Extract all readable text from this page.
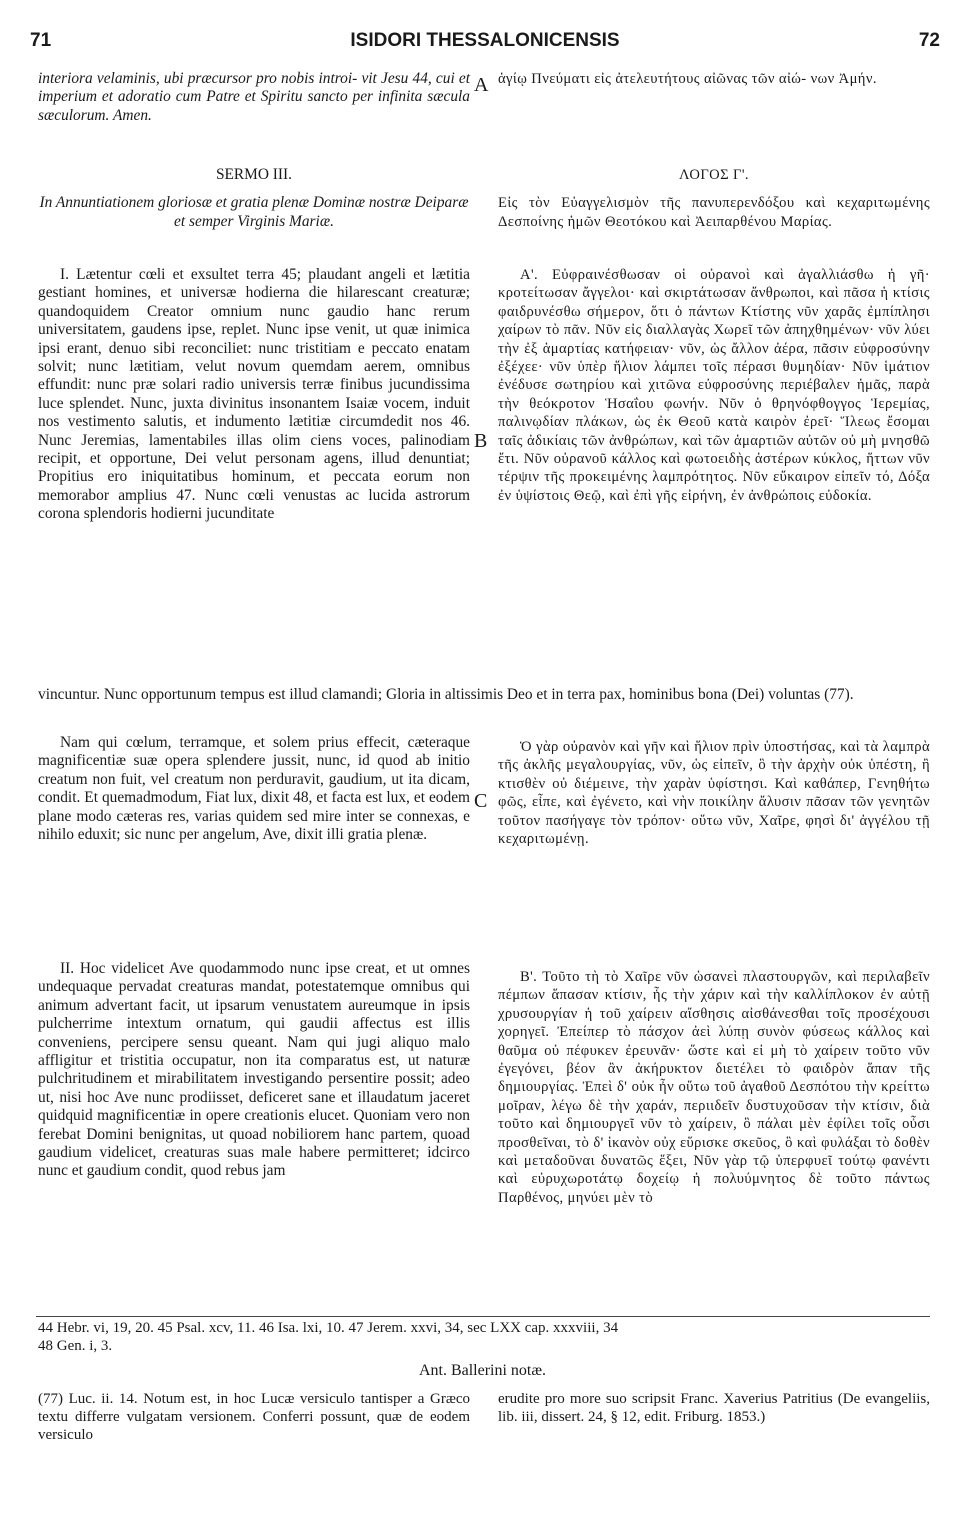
71	ISIDORI THESSALONICENSIS	72
A
B
C

interiora velaminis, ubi præcursor pro nobis introi- vit Jesu 44, cui et imperium et adoratio cum Patre et Spiritu sancto per infinita sæcula sæculorum. Amen.

ἁγίῳ Πνεύματι εἰς ἀτελευτήτους αἰῶνας τῶν αἰώ- νων Ἀμήν.

SERMO III.

In Annuntiationem gloriosæ et gratia plenæ Dominæ nostræ Deiparæ et semper Virginis Mariæ.

ΛΟΓΟΣ Γ'.

Εἰς τὸν Εὐαγγελισμὸν τῆς πανυπερενδόξου καὶ κεχαριτωμένης Δεσποίνης ἡμῶν Θεοτόκου καὶ Ἀειπαρθένου Μαρίας.

I. Lætentur cœli et exsultet terra 45; plaudant angeli et lætitia gestiant homines, et universæ hodierna die hilarescant creaturæ; quandoquidem Creator omnium nunc gaudio hanc rerum universitatem, gaudens ipse, replet. Nunc ipse venit, ut quæ inimica ipsi erant, denuo sibi reconciliet: nunc tristitiam e peccato enatam solvit; nunc lætitiam, velut novum quemdam aerem, omnibus effundit: nunc præ solari radio universis terræ finibus jucundissima luce splendet. Nunc, juxta divinitus insonantem Isaiæ vocem, induit nos vestimento salutis, et indumento lætitiæ circumdedit nos 46. Nunc Jeremias, lamentabiles illas olim ciens voces, palinodiam recipit, et opportune, Dei velut personam agens, illud denuntiat; Propitius ero iniquitatibus hominum, et peccata eorum non memorabor amplius 47. Nunc cœli venustas ac lucida astrorum corona splendoris hodierni jucunditate

Α'. Εὐφραινέσθωσαν οἱ οὐρανοὶ καὶ ἀγαλλιάσθω ἡ γῆ· κροτείτωσαν ἄγγελοι· καὶ σκιρτάτωσαν ἄνθρωποι, καὶ πᾶσα ἡ κτίσις φαιδρυνέσθω σήμερον, ὅτι ὁ πάντων Κτίστης νῦν χαρᾶς ἐμπίπλησι χαίρων τὸ πᾶν. Νῦν εἰς διαλλαγὰς Χωρεῖ τῶν ἀπηχθημένων· νῦν λύει τὴν ἐξ ἁμαρτίας κατήφειαν· νῦν, ὡς ἄλλον ἀέρα, πᾶσιν εὐφροσύνην ἐξέχεε· νῦν ὑπὲρ ἥλιον λάμπει τοῖς πέρασι θυμηδίαν· Νῦν ἱμάτιον ἐνέδυσε σωτηρίου καὶ χιτῶνα εὐφροσύνης περιέβαλεν ἡμᾶς, παρὰ τὴν θεόκροτον Ἡσαΐου φωνήν. Νῦν ὁ θρηνόφθογγος Ἱερεμίας, παλινῳδίαν πλάκων, ὡς ἐκ Θεοῦ κατὰ καιρὸν ἐρεῖ· Ἵλεως ἔσομαι ταῖς ἀδικίαις τῶν ἀνθρώπων, καὶ τῶν ἁμαρτιῶν αὐτῶν οὐ μὴ μνησθῶ ἔτι. Νῦν οὐρανοῦ κάλλος καὶ φωτοειδὴς ἀστέρων κύκλος, ἥττων νῦν τέρψιν τῆς προκειμένης λαμπρότητος. Νῦν εὔκαιρον εἰπεῖν τό, Δόξα ἐν ὑψίστοις Θεῷ, καὶ ἐπὶ γῆς εἰρήνη, ἐν ἀνθρώποις εὐδοκία.

vincuntur. Nunc opportunum tempus est illud clamandi; Gloria in altissimis Deo et in terra pax, hominibus bona (Dei) voluntas (77).

Nam qui cœlum, terramque, et solem prius effecit, cæteraque magnificentiæ suæ opera splendere jussit, nunc, id quod ab initio creatum non fuit, vel creatum non perduravit, gaudium, ut ita dicam, condit. Et quemadmodum, Fiat lux, dixit 48, et facta est lux, et eodem plane modo cæteras res, varias quidem sed mire inter se connexas, e nihilo eduxit; sic nunc per angelum, Ave, dixit illi gratia plenæ.

Ὁ γὰρ οὐρανὸν καὶ γῆν καὶ ἥλιον πρὶν ὑποστήσας, καὶ τὰ λαμπρὰ τῆς ἀκλῆς μεγαλουργίας, νῦν, ὡς εἰπεῖν, ὃ τὴν ἀρχὴν οὐκ ὑπέστη, ἢ κτισθὲν οὐ διέμεινε, τὴν χαρὰν ὑφίστησι. Καὶ καθάπερ, Γενηθήτω φῶς, εἶπε, καὶ ἐγένετο, καὶ νὴν ποικίλην ἄλυσιν πᾶσαν τῶν γενητῶν τοῦτον πασήγαγε τὸν τρόπον· οὕτω νῦν, Χαῖρε, φησὶ δι' ἀγγέλου τῇ κεχαριτωμένῃ.

II. Hoc videlicet Ave quodammodo nunc ipse creat, et ut omnes undequaque pervadat creaturas mandat, potestatemque omnibus qui animum advertant facit, ut ipsarum venustatem aureumque in ipsis pulcherrime intextum ornatum, qui gaudii affectus est illis conveniens, percipere sensu queant. Nam qui jugi aliquo malo affligitur et tristitia occupatur, non ita comparatus est, ut naturæ pulchritudinem et mirabilitatem investigando persentire possit; adeo ut, nisi hoc Ave nunc prodiisset, deficeret sane et illaudatum jaceret quidquid magnificentiæ in opere creationis elucet. Quoniam vero non ferebat Domini benignitas, ut quoad nobiliorem hanc partem, quoad gaudium videlicet, creaturas suas male habere permitteret; idcirco nunc et gaudium condit, quod rebus jam

Β'. Τοῦτο τὴ τὸ Χαῖρε νῦν ὡσανεὶ πλαστουργῶν, καὶ περιλαβεῖν πέμπων ἅπασαν κτίσιν, ἧς τὴν χάριν καὶ τὴν καλλίπλοκον ἐν αὐτῇ χρυσουργίαν ἡ τοῦ χαίρειν αἴσθησις αἰσθάνεσθαι τοῖς προσέχουσι χορηγεῖ. Ἐπείπερ τὸ πάσχον ἀεὶ λύπῃ συνὸν φύσεως κάλλος καὶ θαῦμα οὐ πέφυκεν ἐρευνᾶν· ὥστε καὶ εἰ μὴ τὸ χαίρειν τοῦτο νῦν ἐγεγόνει, βέον ἂν ἀκήρυκτον διετέλει τὸ φαιδρὸν ἅπαν τῆς δημιουργίας. Ἐπεὶ δ' οὐκ ἦν οὕτω τοῦ ἀγαθοῦ Δεσπότου τὴν κρείττω μοῖραν, λέγω δὲ τὴν χαράν, περιιδεῖν δυστυχοῦσαν τὴν κτίσιν, διὰ τοῦτο καὶ δημιουργεῖ νῦν τὸ χαίρειν, ὃ πάλαι μὲν ἐφίλει τοῖς οὖσι προσθεῖναι, τὸ δ' ἱκανὸν οὐχ εὕρισκε σκεῦος, ὃ καὶ φυλάξαι τὸ δοθὲν καὶ μεταδοῦναι δυνατῶς ἕξει, Νῦν γὰρ τῷ ὑπερφυεῖ τούτῳ φανέντι καὶ εὐρυχωροτάτῳ δοχείῳ ἡ πολυύμνητος δὲ τοῦτο πάντως Παρθένος, μηνύει μὲν τὸ

44 Hebr. vi, 19, 20. 45 Psal. xcv, 11. 46 Isa. lxi, 10. 47 Jerem. xxvi, 34, sec LXX cap. xxxviii, 34
48 Gen. i, 3.
Ant. Ballerini notæ.
(77) Luc. ii. 14. Notum est, in hoc Lucæ versiculo tantisper a Græco textu differre vulgatam versionem. Conferri possunt, quæ de eodem versiculo
erudite pro more suo scripsit Franc. Xaverius Patritius (De evangeliis, lib. iii, dissert. 24, § 12, edit. Friburg. 1853.)
